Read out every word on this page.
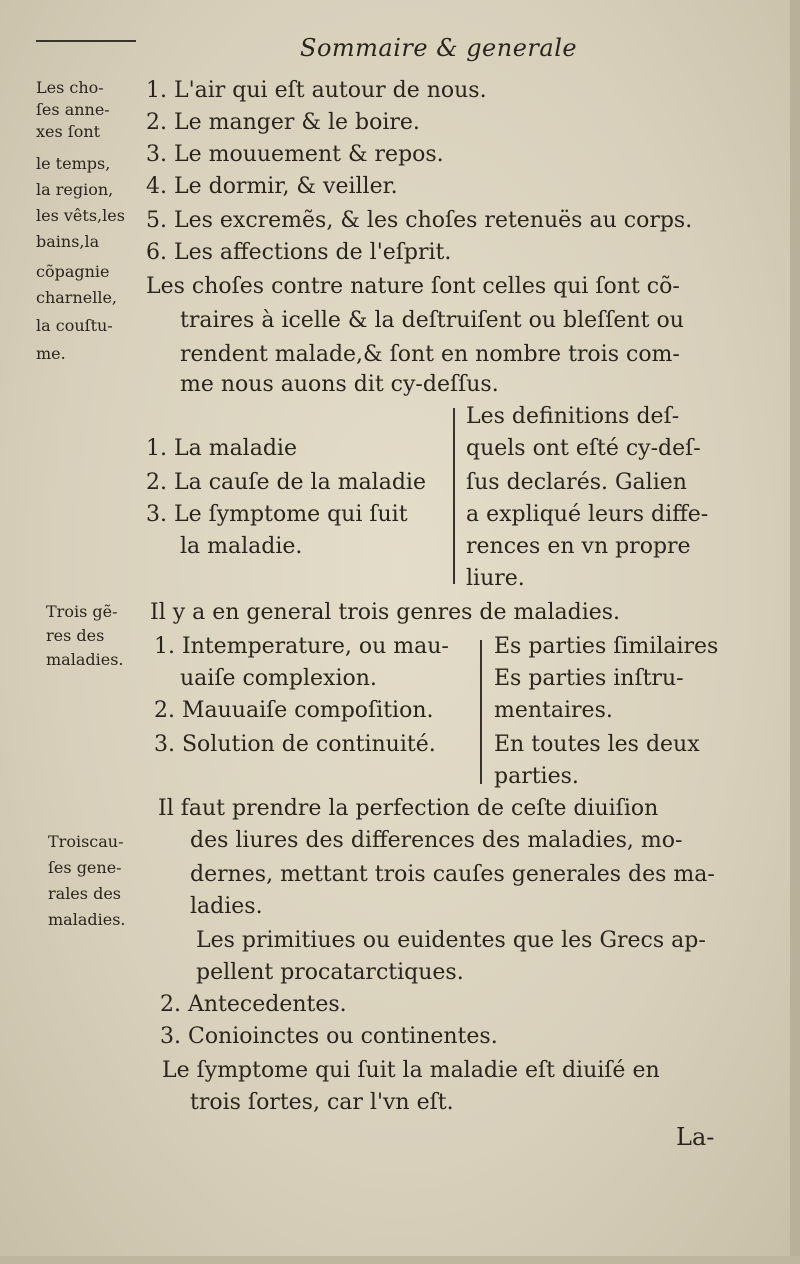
Sommaire & generale
Les cho-
ſes anne-
xes ſont
le temps,
la region,
les vêts,les
bains,la
cõpagnie
charnelle,
la couſtu-
me.
1. L'air qui eſt autour de nous.
2. Le manger & le boire.
3. Le mouuement & repos.
4. Le dormir, & veiller.
5. Les excremẽs, & les choſes retenuës au corps.
6. Les affections de l'eſprit.
Les choſes contre nature ſont celles qui ſont cõ-
traires à icelle & la deſtruiſent ou bleſſent ou
rendent malade,& ſont en nombre trois com-
me nous auons dit cy-deſſus.
1. La maladie
2. La cauſe de la maladie
3. Le ſymptome qui ſuit
la maladie.
Les definitions deſ-
quels ont eſté cy-deſ-
ſus declarés. Galien
a expliqué leurs diffe-
rences en vn propre
liure.
Trois gẽ-
res des
maladies.
Il y a en general trois genres de maladies.
1. Intemperature, ou mau-
uaiſe complexion.
2. Mauuaiſe compoſition.
3. Solution de continuité.
Es parties ſimilaires
Es parties inſtru-
mentaires.
En toutes les deux
parties.
Il faut prendre la perfection de ceſte diuiſion
des liures des differences des maladies, mo-
dernes, mettant trois cauſes generales des ma-
ladies.
Troiscau-
ſes gene-
rales des
maladies.
Les primitiues ou euidentes que les Grecs ap-
pellent procatarctiques.
2. Antecedentes.
3. Conioinctes ou continentes.
Le ſymptome qui ſuit la maladie eſt diuiſé en
trois ſortes, car l'vn eſt.
La-
